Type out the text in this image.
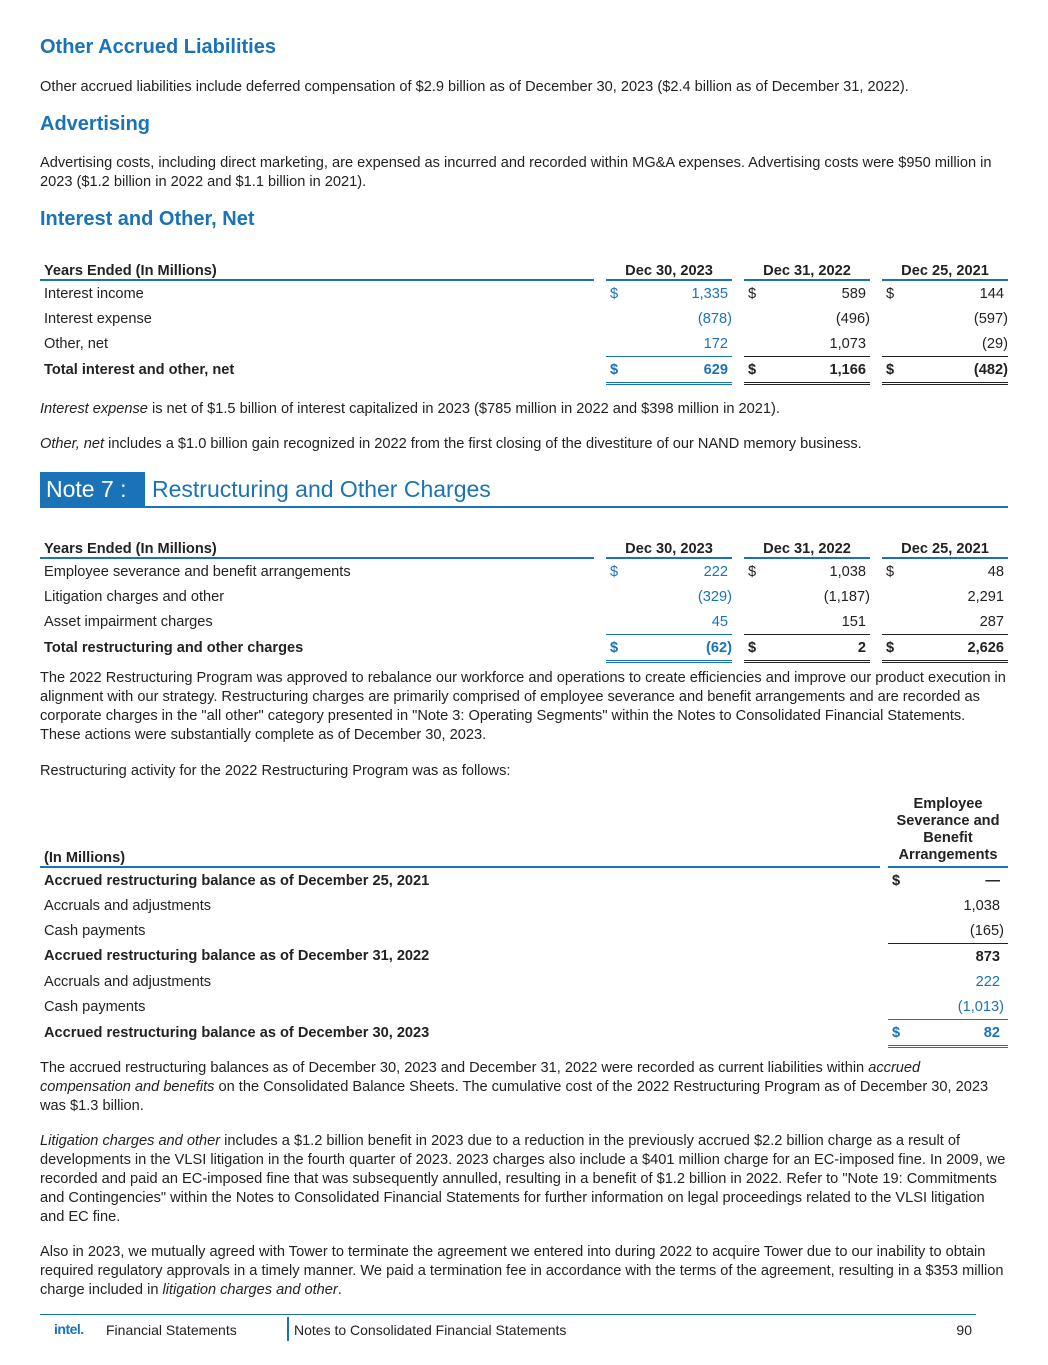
Other Accrued Liabilities

Other accrued liabilities include deferred compensation of $2.9 billion as of December 30, 2023 ($2.4 billion as of December 31, 2022).

Advertising

Advertising costs, including direct marketing, are expensed as incurred and recorded within MG&A expenses. Advertising costs were $950 million in 2023 ($1.2 billion in 2022 and $1.1 billion in 2021).

Interest and Other, Net
Years Ended (In Millions)		Dec 30, 2023			Dec 31, 2022			Dec 25, 2021	
Interest income		$	1,335		$	589		$	144
Interest expense			(878)			(496)			(597)
Other, net			172			1,073			(29)
Total interest and other, net		$	629		$	1,166		$	(482)

Interest expense is net of $1.5 billion of interest capitalized in 2023 ($785 million in 2022 and $398 million in 2021).

Other, net includes a $1.0 billion gain recognized in 2022 from the first closing of the divestiture of our NAND memory business.

Note 7 :	Restructuring and Other Charges
Years Ended (In Millions)		Dec 30, 2023			Dec 31, 2022			Dec 25, 2021	
Employee severance and benefit arrangements		$	222		$	1,038		$	48
Litigation charges and other			(329)			(1,187)			2,291
Asset impairment charges			45			151			287
Total restructuring and other charges		$	(62)		$	2		$	2,626

The 2022 Restructuring Program was approved to rebalance our workforce and operations to create efficiencies and improve our product execution in alignment with our strategy. Restructuring charges are primarily comprised of employee severance and benefit arrangements and are recorded as corporate charges in the "all other" category presented in "Note 3: Operating Segments" within the Notes to Consolidated Financial Statements. These actions were substantially complete as of December 30, 2023.

Restructuring activity for the 2022 Restructuring Program was as follows:

(In Millions)		Employee
Severance and
Benefit
Arrangements

Accrued restructuring balance as of December 25, 2021		$ —
Accruals and adjustments		1,038
Cash payments		(165)
Accrued restructuring balance as of December 31, 2022		873
Accruals and adjustments		222
Cash payments		(1,013)
Accrued restructuring balance as of December 30, 2023		$ 82

The accrued restructuring balances as of December 30, 2023 and December 31, 2022 were recorded as current liabilities within accrued compensation and benefits on the Consolidated Balance Sheets. The cumulative cost of the 2022 Restructuring Program as of December 30, 2023 was $1.3 billion.

Litigation charges and other includes a $1.2 billion benefit in 2023 due to a reduction in the previously accrued $2.2 billion charge as a result of developments in the VLSI litigation in the fourth quarter of 2023. 2023 charges also include a $401 million charge for an EC-imposed fine. In 2009, we recorded and paid an EC-imposed fine that was subsequently annulled, resulting in a benefit of $1.2 billion in 2022. Refer to "Note 19: Commitments and Contingencies" within the Notes to Consolidated Financial Statements for further information on legal proceedings related to the VLSI litigation and EC fine.

Also in 2023, we mutually agreed with Tower to terminate the agreement we entered into during 2022 to acquire Tower due to our inability to obtain required regulatory approvals in a timely manner. We paid a termination fee in accordance with the terms of the agreement, resulting in a $353 million charge included in litigation charges and other.

intel. Financial Statements	Notes to Consolidated Financial Statements	90
